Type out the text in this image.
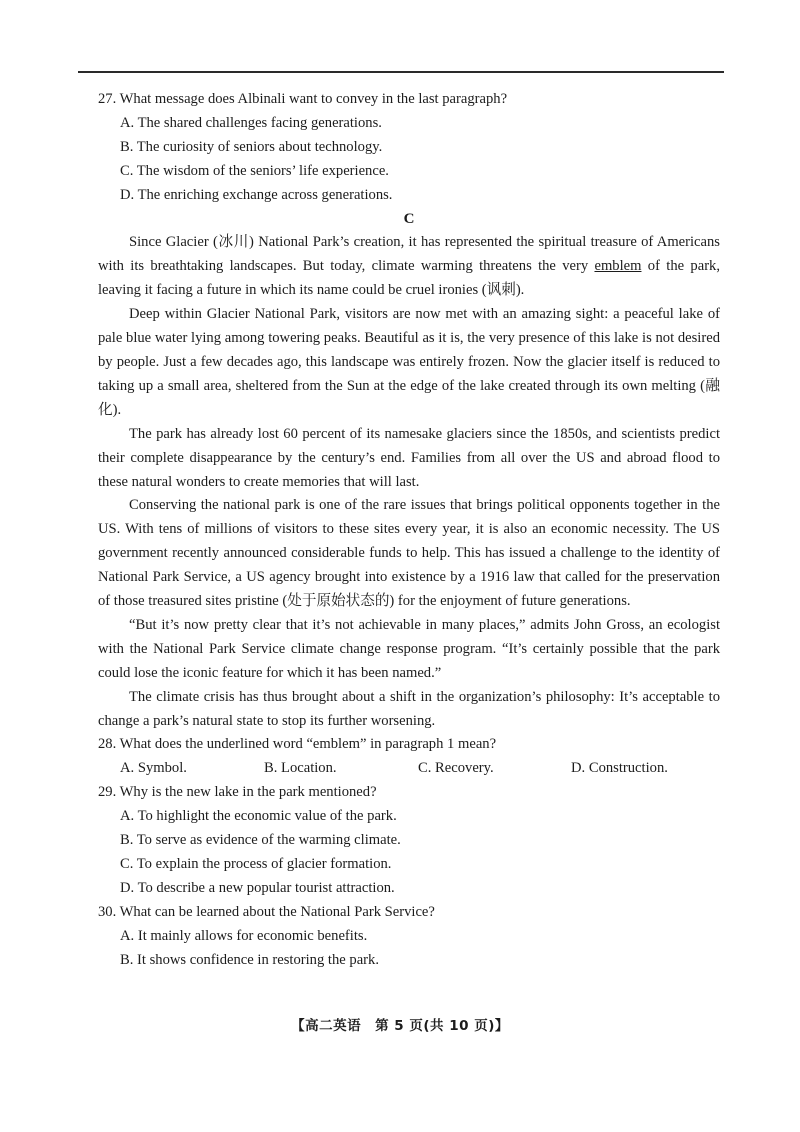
27. What message does Albinali want to convey in the last paragraph?
A. The shared challenges facing generations.
B. The curiosity of seniors about technology.
C. The wisdom of the seniors’ life experience.
D. The enriching exchange across generations.
C

Since Glacier (冰川) National Park’s creation, it has represented the spiritual treasure of Americans with its breathtaking landscapes. But today, climate warming threatens the very emblem of the park, leaving it facing a future in which its name could be cruel ironies (讽刺).

Deep within Glacier National Park, visitors are now met with an amazing sight: a peaceful lake of pale blue water lying among towering peaks. Beautiful as it is, the very presence of this lake is not desired by people. Just a few decades ago, this landscape was entirely frozen. Now the glacier itself is reduced to taking up a small area, sheltered from the Sun at the edge of the lake created through its own melting (融化).

The park has already lost 60 percent of its namesake glaciers since the 1850s, and scientists predict their complete disappearance by the century’s end. Families from all over the US and abroad flood to these natural wonders to create memories that will last.

Conserving the national park is one of the rare issues that brings political opponents together in the US. With tens of millions of visitors to these sites every year, it is also an economic necessity. The US government recently announced considerable funds to help. This has issued a challenge to the identity of National Park Service, a US agency brought into existence by a 1916 law that called for the preservation of those treasured sites pristine (处于原始状态的) for the enjoyment of future generations.

“But it’s now pretty clear that it’s not achievable in many places,” admits John Gross, an ecologist with the National Park Service climate change response program. “It’s certainly possible that the park could lose the iconic feature for which it has been named.”

The climate crisis has thus brought about a shift in the organization’s philosophy: It’s acceptable to change a park’s natural state to stop its further worsening.

28. What does the underlined word “emblem” in paragraph 1 mean?
A. Symbol.	B. Location.	C. Recovery.	D. Construction.
29. Why is the new lake in the park mentioned?
A. To highlight the economic value of the park.
B. To serve as evidence of the warming climate.
C. To explain the process of glacier formation.
D. To describe a new popular tourist attraction.
30. What can be learned about the National Park Service?
A. It mainly allows for economic benefits.
B. It shows confidence in restoring the park.
【高二英语　第 5 页(共 10 页)】
